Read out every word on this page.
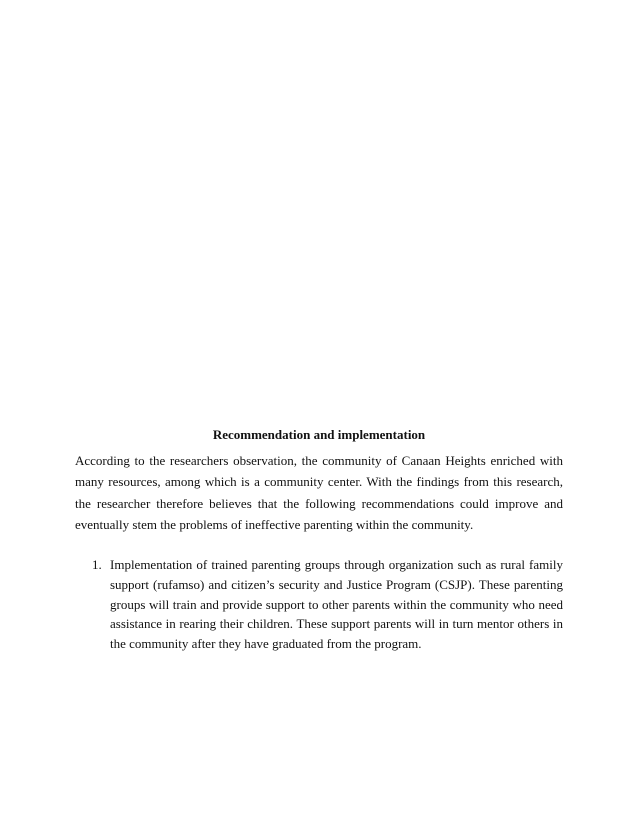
Recommendation and implementation

According to the researchers observation, the community of Canaan Heights enriched with many resources, among which is a community center. With the findings from this research, the researcher therefore believes that the following recommendations could improve and eventually stem the problems of ineffective parenting within the community.

1. Implementation of trained parenting groups through organization such as rural family support (rufamso) and citizen’s security and Justice Program (CSJP). These parenting groups will train and provide support to other parents within the community who need assistance in rearing their children. These support parents will in turn mentor others in the community after they have graduated from the program.
